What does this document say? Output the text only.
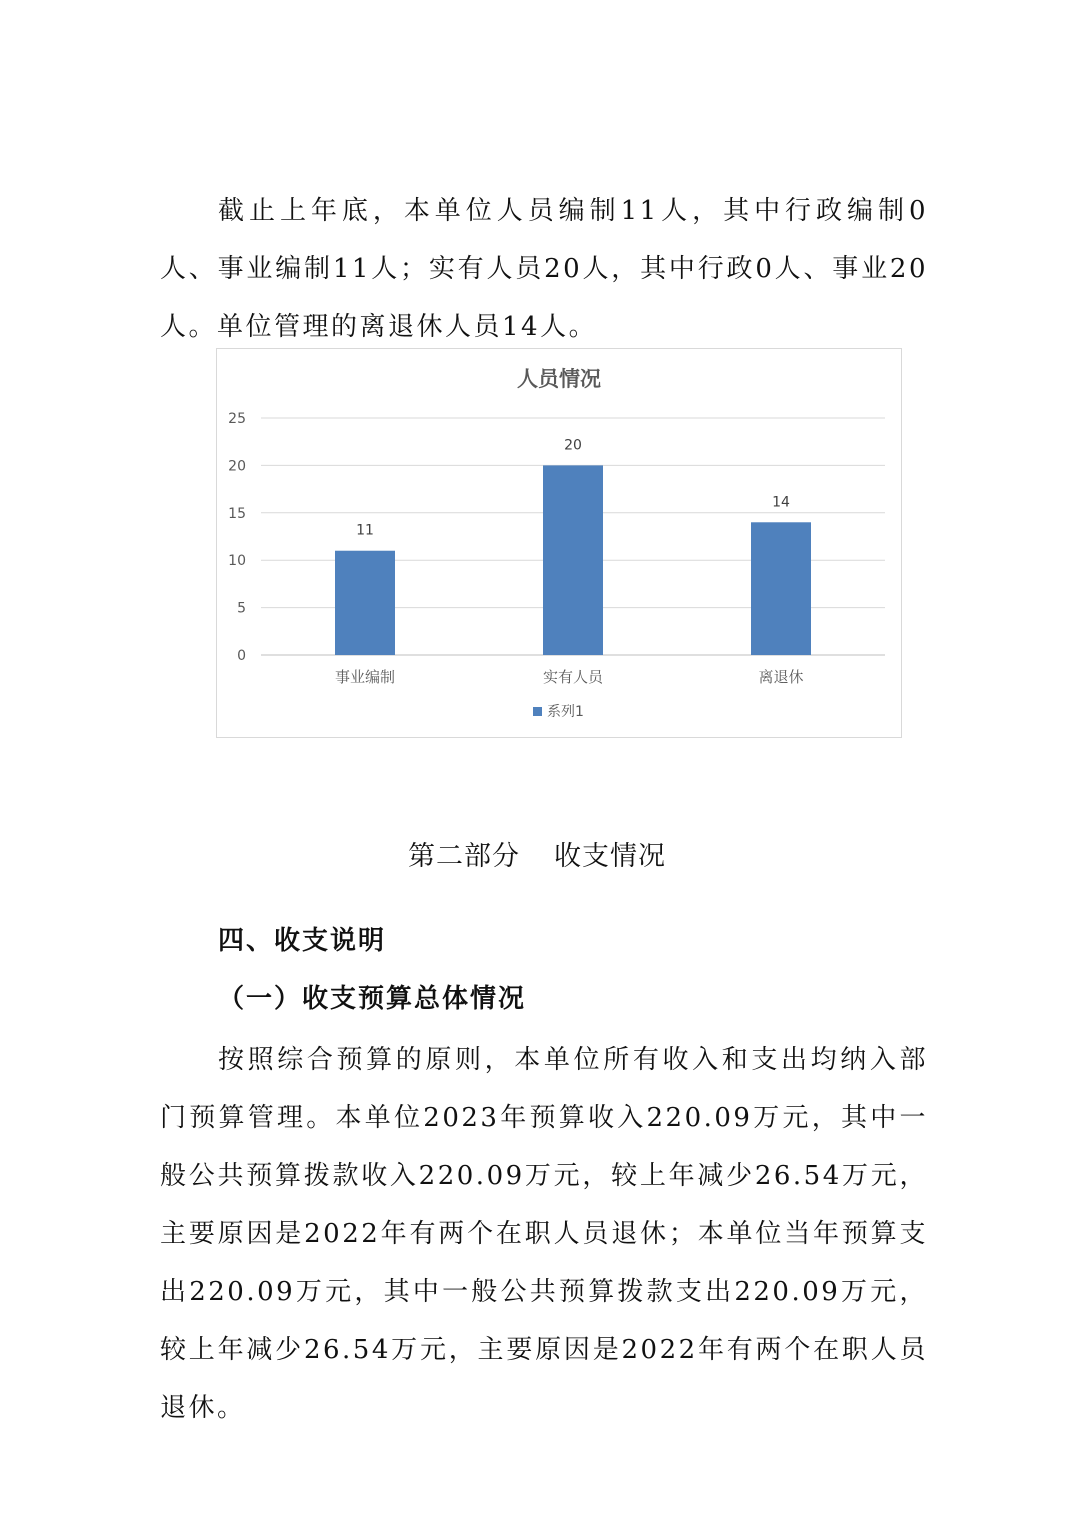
截止上年底，本单位人员编制11人，其中行政编制0人、事业编制11人；实有人员20人，其中行政0人、事业20人。单位管理的离退休人员14人。

人员情况
0
5
10
15
20
25
11
20
14
事业编制	实有人员	离退休
系列1

第二部分 收支情况

四、收支说明

（一）收支预算总体情况

按照综合预算的原则，本单位所有收入和支出均纳入部门预算管理。本单位2023年预算收入220.09万元，其中一般公共预算拨款收入220.09万元，较上年减少26.54万元，主要原因是2022年有两个在职人员退休；本单位当年预算支出220.09万元，其中一般公共预算拨款支出220.09万元，较上年减少26.54万元，主要原因是2022年有两个在职人员退休。
